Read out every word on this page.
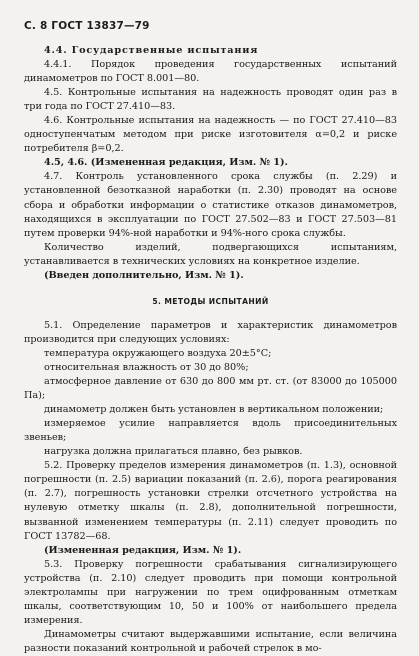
С. 8 ГОСТ 13837—79

4.4. Государственные испытания

4.4.1. Порядок проведения государственных испытаний динамометров по ГОСТ 8.001—80.

4.5. Контрольные испытания на надежность проводят один раз в три года по ГОСТ 27.410—83.

4.6. Контрольные испытания на надежность — по ГОСТ 27.410—83 одноступенчатым методом при риске изготовителя α=0,2 и риске потребителя β=0,2.

4.5, 4.6. (Измененная редакция, Изм. № 1).

4.7. Контроль установленного срока службы (п. 2.29) и установленной безотказной наработки (п. 2.30) проводят на основе сбора и обработки информации о статистике отказов динамометров, находящихся в эксплуатации по ГОСТ 27.502—83 и ГОСТ 27.503—81 путем проверки 94%-ной наработки и 94%-ного срока службы.

Количество изделий, подвергающихся испытаниям, устанавливается в технических условиях на конкретное изделие.

(Введен дополнительно, Изм. № 1).

5. МЕТОДЫ ИСПЫТАНИЙ

5.1. Определение параметров и характеристик динамометров производится при следующих условиях:

температура окружающего воздуха 20±5°С;

относительная влажность от 30 до 80%;

атмосферное давление от 630 до 800 мм рт. ст. (от 83000 до 105000 Па);

динамометр должен быть установлен в вертикальном положении;

измеряемое усилие направляется вдоль присоединительных звеньев;

нагрузка должна прилагаться плавно, без рывков.

5.2. Проверку пределов измерения динамометров (п. 1.3), основной погрешности (п. 2.5) вариации показаний (п. 2.6), порога реагирования (п. 2.7), погрешность установки стрелки отсчетного устройства на нулевую отметку шкалы (п. 2.8), дополнительной погрешности, вызванной изменением температуры (п. 2.11) следует проводить по ГОСТ 13782—68.

(Измененная редакция, Изм. № 1).

5.3. Проверку погрешности срабатывания сигнализирующего устройства (п. 2.10) следует проводить при помощи контрольной электролампы при нагружении по трем оцифрованным отметкам шкалы, соответствующим 10, 50 и 100% от наибольшего предела измерения.

Динамометры считают выдержавшими испытание, если величина разности показаний контрольной и рабочей стрелок в мо-
